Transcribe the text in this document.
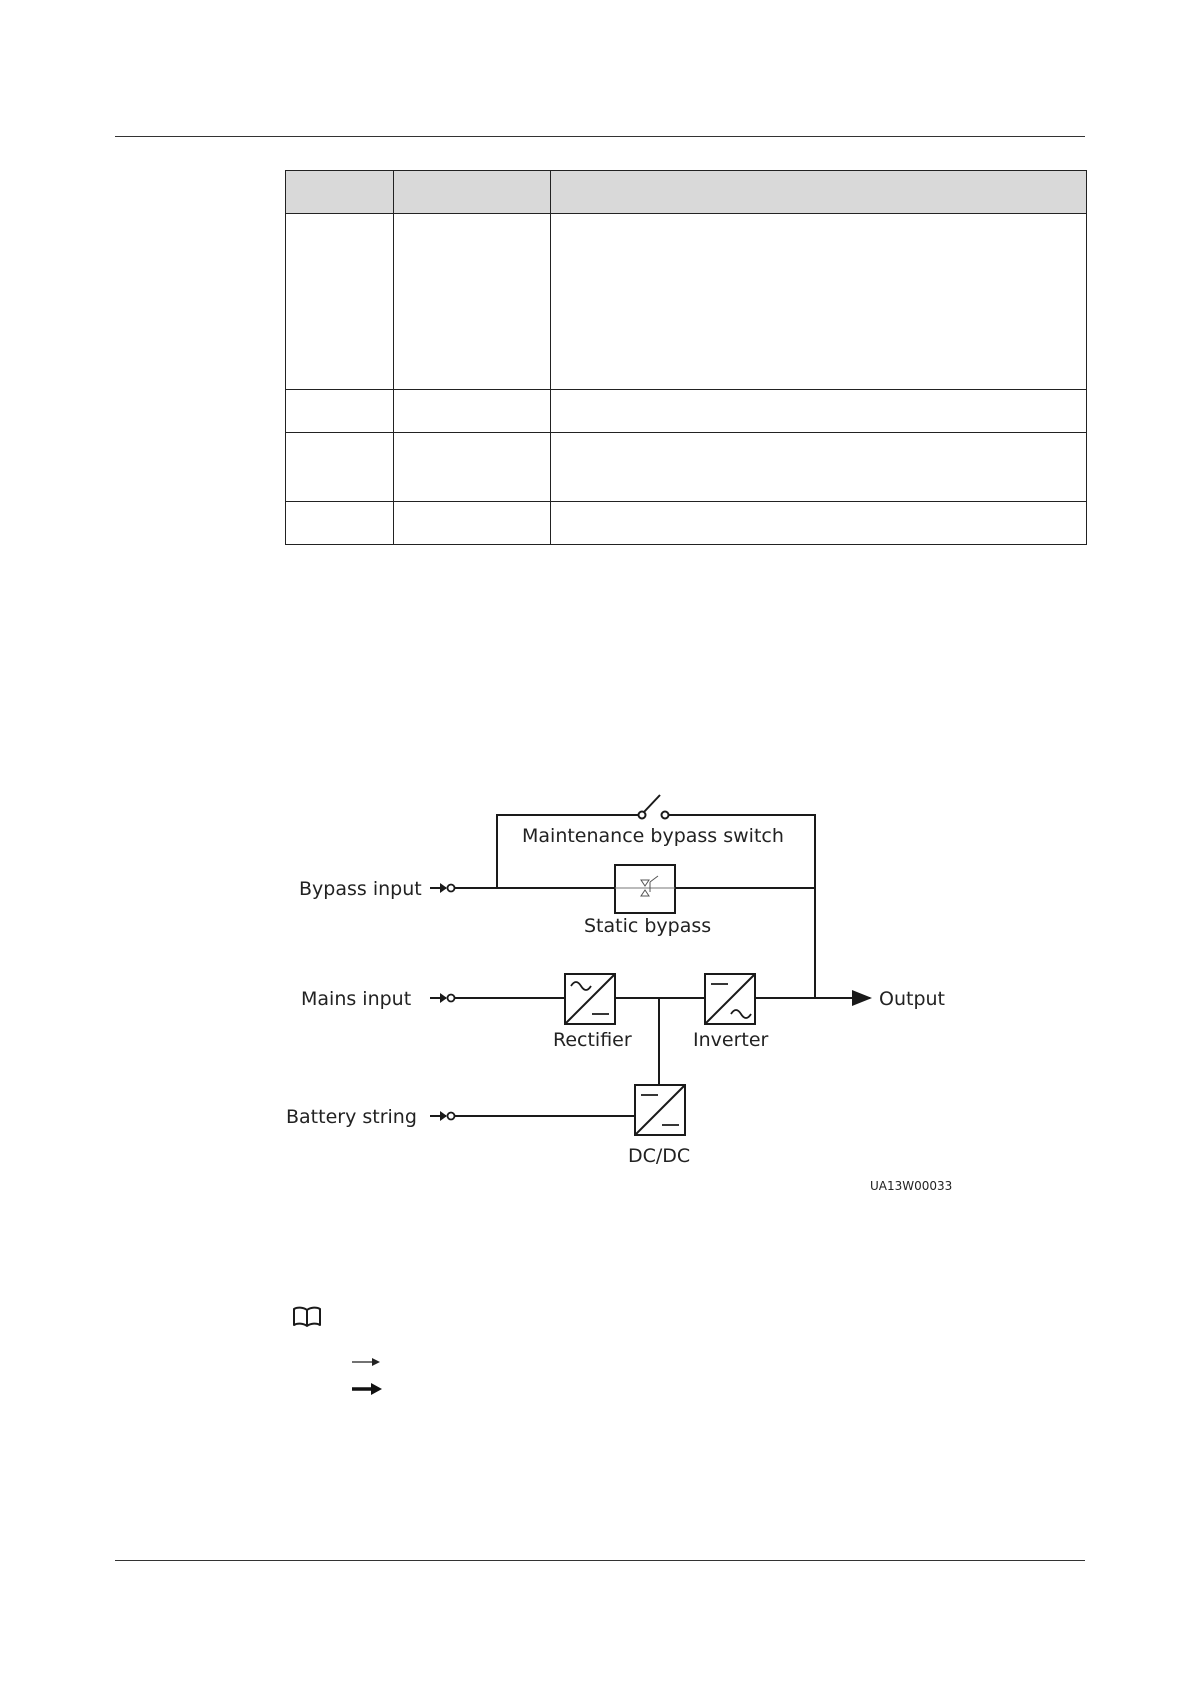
Maintenance bypass switch
Bypass input
Static bypass
Mains input
Rectifier	Inverter
Output
Battery string
DC/DC
UA13W00033
